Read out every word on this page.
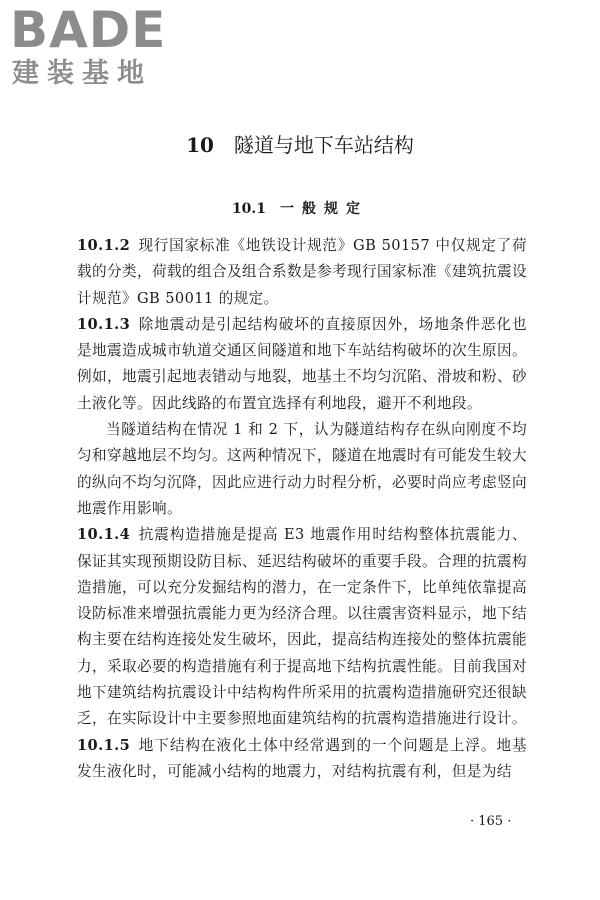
BADE
建装基地
10 隧道与地下车站结构
10.1 一般规定

10.1.2 现行国家标准《地铁设计规范》GB 50157 中仅规定了荷载的分类，荷载的组合及组合系数是参考现行国家标准《建筑抗震设计规范》GB 50011 的规定。

10.1.3 除地震动是引起结构破坏的直接原因外，场地条件恶化也是地震造成城市轨道交通区间隧道和地下车站结构破坏的次生原因。例如，地震引起地表错动与地裂，地基土不均匀沉陷、滑坡和粉、砂土液化等。因此线路的布置宜选择有利地段，避开不利地段。

当隧道结构在情况 1 和 2 下，认为隧道结构存在纵向刚度不均匀和穿越地层不均匀。这两种情况下，隧道在地震时有可能发生较大的纵向不均匀沉降，因此应进行动力时程分析，必要时尚应考虑竖向地震作用影响。

10.1.4 抗震构造措施是提高 E3 地震作用时结构整体抗震能力、保证其实现预期设防目标、延迟结构破坏的重要手段。合理的抗震构造措施，可以充分发掘结构的潜力，在一定条件下，比单纯依靠提高设防标准来增强抗震能力更为经济合理。以往震害资料显示，地下结构主要在结构连接处发生破坏，因此，提高结构连接处的整体抗震能力，采取必要的构造措施有利于提高地下结构抗震性能。目前我国对地下建筑结构抗震设计中结构构件所采用的抗震构造措施研究还很缺乏，在实际设计中主要参照地面建筑结构的抗震构造措施进行设计。

10.1.5 地下结构在液化土体中经常遇到的一个问题是上浮。地基发生液化时，可能减小结构的地震力，对结构抗震有利，但是为结

· 165 ·
